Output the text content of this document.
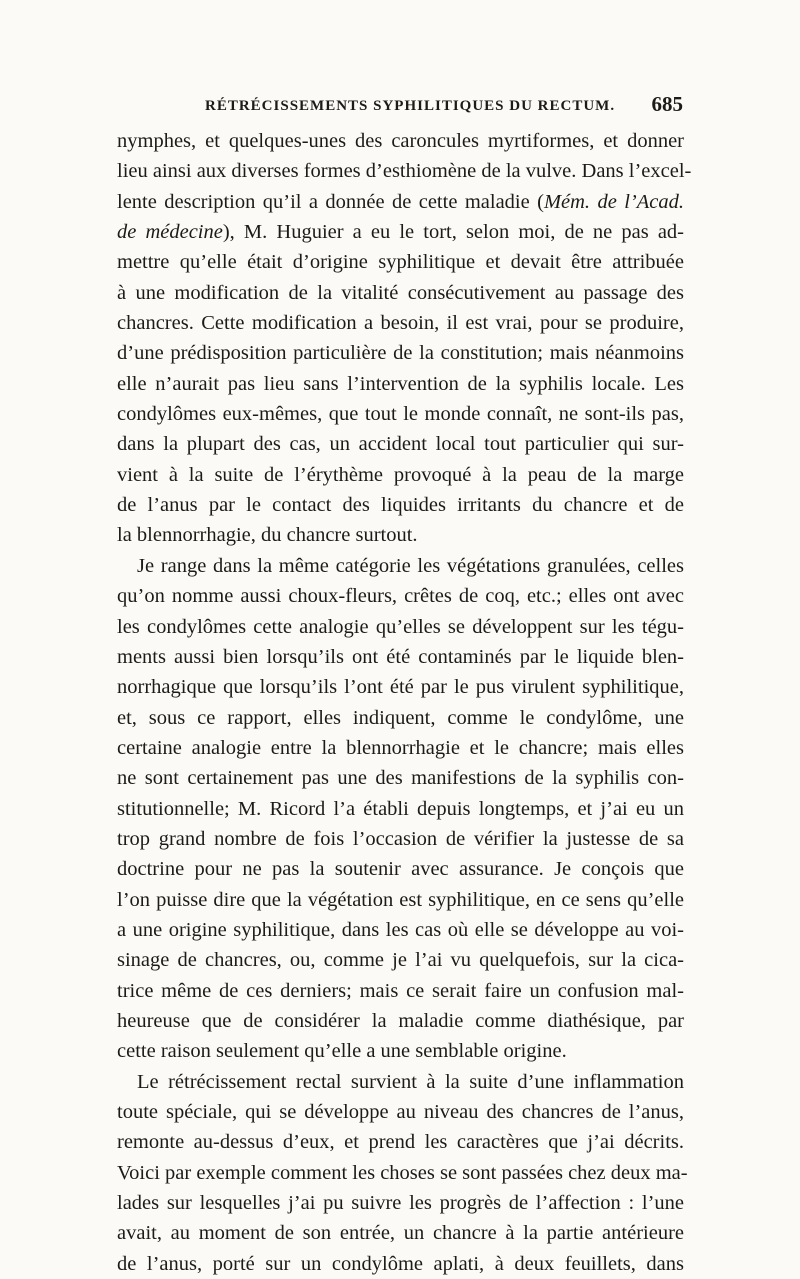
RÉTRÉCISSEMENTS SYPHILITIQUES DU RECTUM. 685
nymphes, et quelques-unes des caroncules myrtiformes, et donner
lieu ainsi aux diverses formes d’esthiomène de la vulve. Dans l’excel-
lente description qu’il a donnée de cette maladie (Mém. de l’Acad.
de médecine), M. Huguier a eu le tort, selon moi, de ne pas ad-
mettre qu’elle était d’origine syphilitique et devait être attribuée
à une modification de la vitalité consécutivement au passage des
chancres. Cette modification a besoin, il est vrai, pour se produire,
d’une prédisposition particulière de la constitution; mais néanmoins
elle n’aurait pas lieu sans l’intervention de la syphilis locale. Les
condylômes eux-mêmes, que tout le monde connaît, ne sont-ils pas,
dans la plupart des cas, un accident local tout particulier qui sur-
vient à la suite de l’érythème provoqué à la peau de la marge
de l’anus par le contact des liquides irritants du chancre et de
la blennorrhagie, du chancre surtout.
Je range dans la même catégorie les végétations granulées, celles
qu’on nomme aussi choux-fleurs, crêtes de coq, etc.; elles ont avec
les condylômes cette analogie qu’elles se développent sur les tégu-
ments aussi bien lorsqu’ils ont été contaminés par le liquide blen-
norrhagique que lorsqu’ils l’ont été par le pus virulent syphilitique,
et, sous ce rapport, elles indiquent, comme le condylôme, une
certaine analogie entre la blennorrhagie et le chancre; mais elles
ne sont certainement pas une des manifestions de la syphilis con-
stitutionnelle; M. Ricord l’a établi depuis longtemps, et j’ai eu un
trop grand nombre de fois l’occasion de vérifier la justesse de sa
doctrine pour ne pas la soutenir avec assurance. Je conçois que
l’on puisse dire que la végétation est syphilitique, en ce sens qu’elle
a une origine syphilitique, dans les cas où elle se développe au voi-
sinage de chancres, ou, comme je l’ai vu quelquefois, sur la cica-
trice même de ces derniers; mais ce serait faire un confusion mal-
heureuse que de considérer la maladie comme diathésique, par
cette raison seulement qu’elle a une semblable origine.
Le rétrécissement rectal survient à la suite d’une inflammation
toute spéciale, qui se développe au niveau des chancres de l’anus,
remonte au-dessus d’eux, et prend les caractères que j’ai décrits.
Voici par exemple comment les choses se sont passées chez deux ma-
lades sur lesquelles j’ai pu suivre les progrès de l’affection : l’une
avait, au moment de son entrée, un chancre à la partie antérieure
de l’anus, porté sur un condylôme aplati, à deux feuillets, dans
